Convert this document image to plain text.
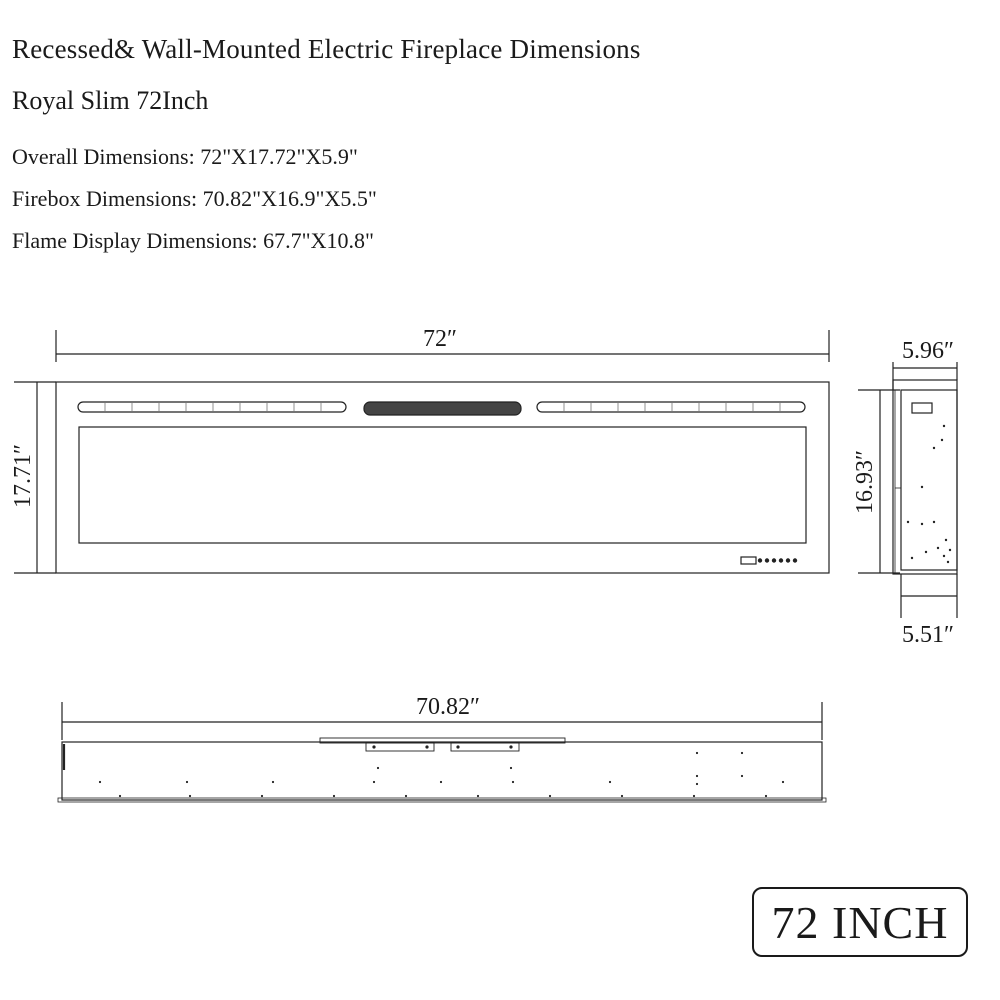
Recessed& Wall-Mounted Electric Fireplace Dimensions
Royal Slim 72Inch
Overall Dimensions: 72"X17.72"X5.9"
Firebox Dimensions: 70.82"X16.9"X5.5"
Flame Display Dimensions: 67.7"X10.8"
72″
17.71″
5.96″
16.93″
5.51″
70.82″
72 INCH
